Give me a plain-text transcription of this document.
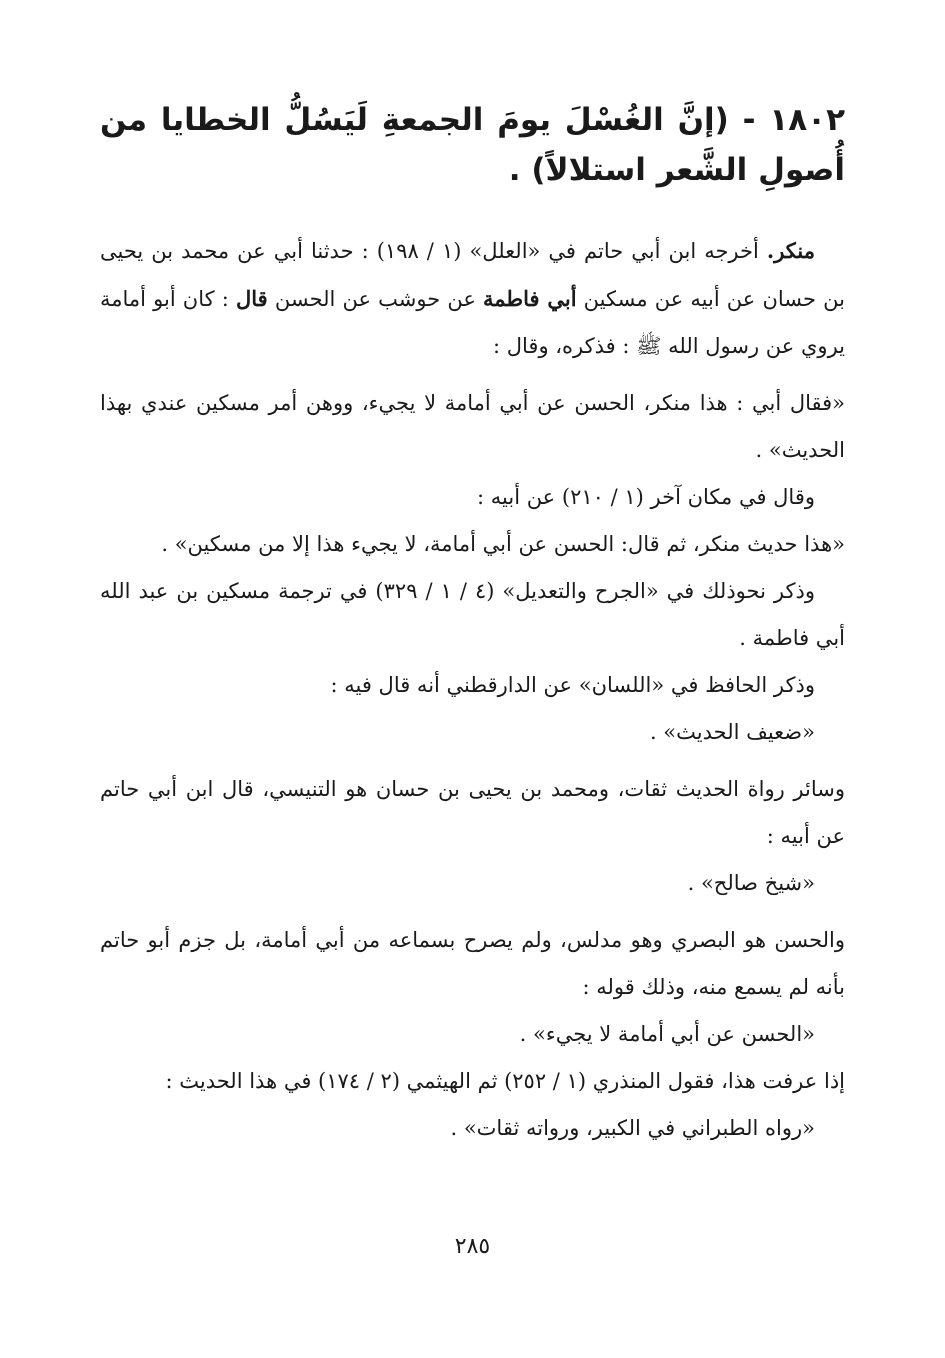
١٨٠٢ - (إنَّ الغُسْلَ يومَ الجمعةِ لَيَسُلُّ الخطايا من أُصولِ الشَّعر استلالاً) .

منكر. أخرجه ابن أبي حاتم في «العلل» (١ / ١٩٨) : حدثنا أبي عن محمد بن يحيى بن حسان عن أبيه عن مسكين أبي فاطمة عن حوشب عن الحسن قال : كان أبو أمامة يروي عن رسول الله ﷺ : فذكره، وقال :

«فقال أبي : هذا منكر، الحسن عن أبي أمامة لا يجيء، ووهن أمر مسكين عندي بهذا الحديث» .

وقال في مكان آخر (١ / ٢١٠) عن أبيه :

«هذا حديث منكر، ثم قال: الحسن عن أبي أمامة، لا يجيء هذا إلا من مسكين» .

وذكر نحوذلك في «الجرح والتعديل» (٤ / ١ / ٣٢٩) في ترجمة مسكين بن عبد الله أبي فاطمة .

وذكر الحافظ في «اللسان» عن الدارقطني أنه قال فيه :

«ضعيف الحديث» .

وسائر رواة الحديث ثقات، ومحمد بن يحيى بن حسان هو التنيسي، قال ابن أبي حاتم عن أبيه :

«شيخ صالح» .

والحسن هو البصري وهو مدلس، ولم يصرح بسماعه من أبي أمامة، بل جزم أبو حاتم بأنه لم يسمع منه، وذلك قوله :

«الحسن عن أبي أمامة لا يجيء» .

إذا عرفت هذا، فقول المنذري (١ / ٢٥٢) ثم الهيثمي (٢ / ١٧٤) في هذا الحديث :

«رواه الطبراني في الكبير، ورواته ثقات» .

٢٨٥
